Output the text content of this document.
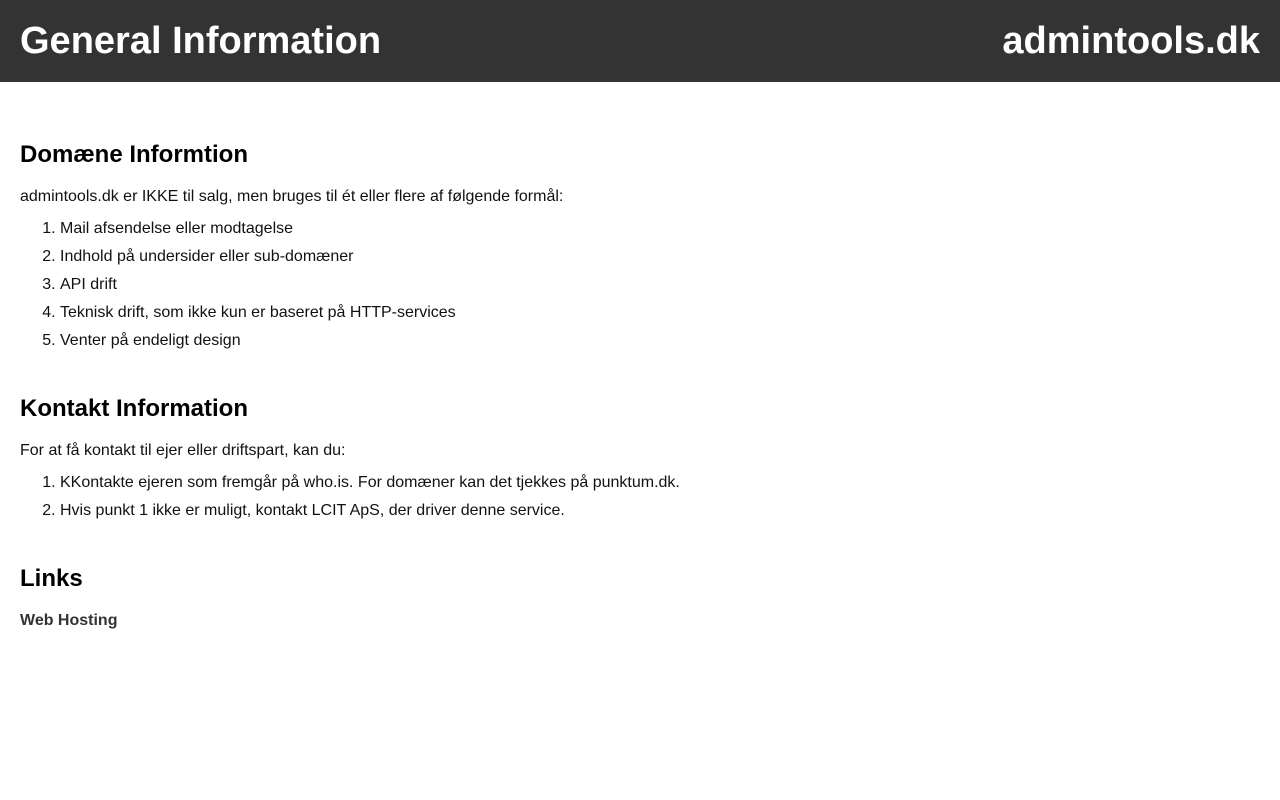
General Information	admintools.dk
Domæne Informtion

admintools.dk er IKKE til salg, men bruges til ét eller flere af følgende formål:

1. Mail afsendelse eller modtagelse
2. Indhold på undersider eller sub-domæner
3. API drift
4. Teknisk drift, som ikke kun er baseret på HTTP-services
5. Venter på endeligt design
Kontakt Information

For at få kontakt til ejer eller driftspart, kan du:

1. KKontakte ejeren som fremgår på who.is. For domæner kan det tjekkes på punktum.dk.
2. Hvis punkt 1 ikke er muligt, kontakt LCIT ApS, der driver denne service.
Links
Web Hosting
